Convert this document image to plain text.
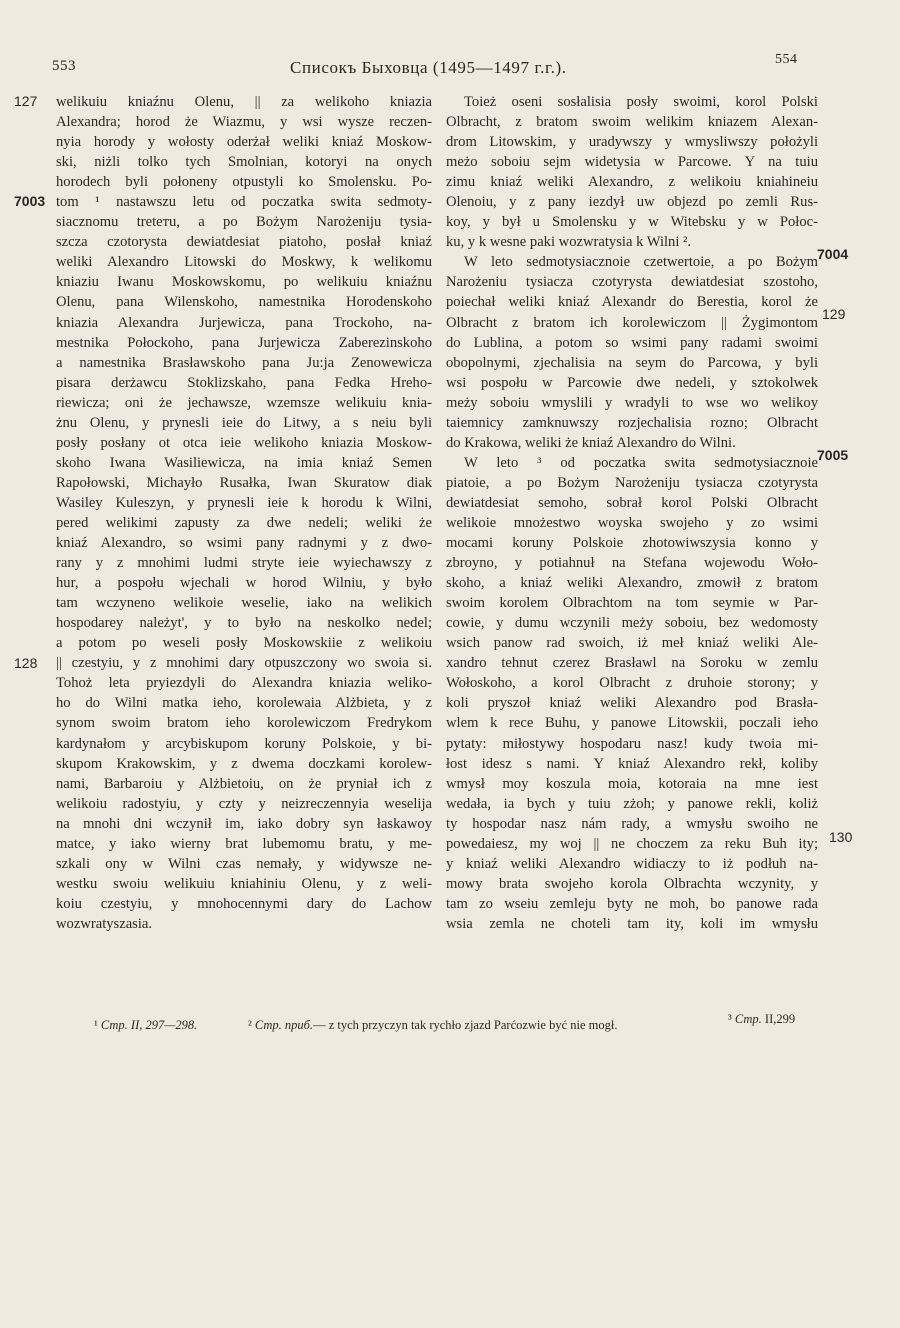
553	Списокъ Быховца (1495—1497 г.г.).	554
127
7003
128
7004
129
7005
130
welikuiu kniaźnu Olenu, || za welikoho kniazia
Alexandra; horod że Wiazmu, y wsi wysze reczen-
nyia horody y wołosty oderżał weliki kniaź Moskow-
ski, niżli tolko tych Smolnian, kotoryi na onych
horodech byli połoneny otpustyli ko Smolensku. Po-
tom ¹ nastawszu letu od poczatka swita sedmoty-
siacznomu treteтu, a po Bożym Narożeniju tysia-
szcza czotorysta dewiatdesiat piatoho, posłał kniaź
weliki Alexandro Litowski do Moskwy, k welikomu
kniaziu Iwanu Moskowskomu, po welikuiu kniaźnu
Olenu, pana Wilenskoho, namestnika Horodenskoho
kniazia Alexandra Jurjewicza, pana Trockoho, na-
mestnika Połockoho, pana Jurjewicza Zaberezinskoho
a namestnika Brasławskoho pana Ju:ja Zenowewicza
pisara derżawcu Stoklizskaho, pana Fedka Hreho-
riewicza; oni że jechawsze, wzemsze welikuiu knia-
żnu Olenu, y prynesli ieie do Litwy, a s neiu byli
posły posłany ot otca ieie welikoho kniazia Moskow-
skoho Iwana Wasiliewicza, na imia kniaź Semen
Rapołowski, Michayło Rusałka, Iwan Skuratow diak
Wasiley Kuleszyn, y prynesli ieie k horodu k Wilni,
pered welikimi zapusty za dwe nedeli; weliki że
kniaź Alexandro, so wsimi pany radnymi y z dwo-
rany y z mnohimi ludmi stryte ieie wyiechawszy z
hur, a pospołu wjechali w horod Wilniu, y było
tam wczyneno welikoie weselie, iako na welikich
hospodarey należyt', y to było na neskolko nedel;
a potom po weseli posły Moskowskiie z welikoiu
|| czestyiu, y z mnohimi dary otpuszczony wo swoia si.
Tohoż leta pryiezdyli do Alexandra kniazia weliko-
ho do Wilni matka ieho, korolewaia Alżbieta, y z
synom swoim bratom ieho korolewiczom Fredrykom
kardynałom y arcybiskupom koruny Polskoie, y bi-
skupom Krakowskim, y z dwema doczkami korolew-
nami, Barbaroiu y Alżbietoiu, on że pryniał ich z
welikoiu radostyiu, y czty y neizreczennyia weselija
na mnohi dni wczynił im, iako dobry syn łaskawoy
matce, y iako wierny brat lubemomu bratu, y me-
szkali ony w Wilni czas nemały, y widywsze ne-
westku swoiu welikuiu kniahiniu Olenu, y z weli-
koiu czestyiu, y mnohocennymi dary do Lachow
wozwratyszasia.
Toież oseni sosłalisia posły swoimi, korol Polski
Olbracht, z bratom swoim welikim kniazem Alexan-
drom Litowskim, y uradywszy y wmysliwszy położyli
meżo soboiu sejm widetysia w Parcowe. Y na tuiu
zimu kniaź weliki Alexandro, z welikoiu kniahineiu
Olenoiu, y z pany iezdył uw objezd po zemli Rus-
koy, y był u Smolensku y w Witebsku y w Połoc-
ku, y k wesne paki wozwratysia k Wilni ².
W leto sedmotysiacznoie czetwertoie, a po Bożym
Narożeniu tysiacza czotyrysta dewiatdesiat szostoho,
poiechał weliki kniaź Alexandr do Berestia, korol że
Olbracht z bratom ich korolewiczom || Żygimontom
do Lublina, a potom so wsimi pany radami swoimi
obopolnymi, zjechalisia na seym do Parcowa, y byli
wsi pospołu w Parcowie dwe nedeli, y sztokolwek
meży soboiu wmyslili y wradyli to wse wo welikoy
taiemnicy zamknuwszy rozjechalisia rozno; Olbracht
do Krakowa, weliki że kniaź Alexandro do Wilni.
W leto ³ od poczatka swita sedmotysiacznoie
piatoie, a po Bożym Narożeniju tysiacza czotyrysta
dewiatdesiat semoho, sobrał korol Polski Olbracht
welikoie mnożestwo woyska swojeho y zo wsimi
mocami koruny Polskoie zhotowiwszysia konno y
zbroyno, y potiahnuł na Stefana wojewodu Woło-
skoho, a kniaź weliki Alexandro, zmowił z bratom
swoim korolem Olbrachtom na tom seymie w Par-
cowie, y dumu wczynili meży soboiu, bez wedomosty
wsich panow rad swoich, iż meł kniaź weliki Ale-
xandro tehnut czerez Brasławl na Soroku w zemlu
Wołoskoho, a korol Olbracht z druhoie storony; y
koli pryszoł kniaź weliki Alexandro pod Brasła-
wlem k rece Buhu, y panowe Litowskii, poczali ieho
pytaty: miłostywy hospodaru nasz! kudy twoia mi-
łost idesz s nami. Y kniaź Alexandro rekł, koliby
wmysł moy koszula moia, kotoraia na mne iest
wedała, ia bych y tuiu zżoh; y panowe rekli, koliż
ty hospodar nasz nám rady, a wmysłu swoiho ne
powedaiesz, my woj || ne choczem za reku Buh ity;
y kniaź weliki Alexandro widiaczy to iż podłuh na-
mowy brata swojeho korola Olbrachta wczynity, y
tam zo wseiu zemleju byty ne moh, bo panowe rada
wsia zemla ne choteli tam ity, koli im wmysłu
¹ Стр. II, 297—298.	² Стр. приб.— z tych przyczyn tak rychło zjazd Parćozwie być nie mogł.	³ Стр. II,299
